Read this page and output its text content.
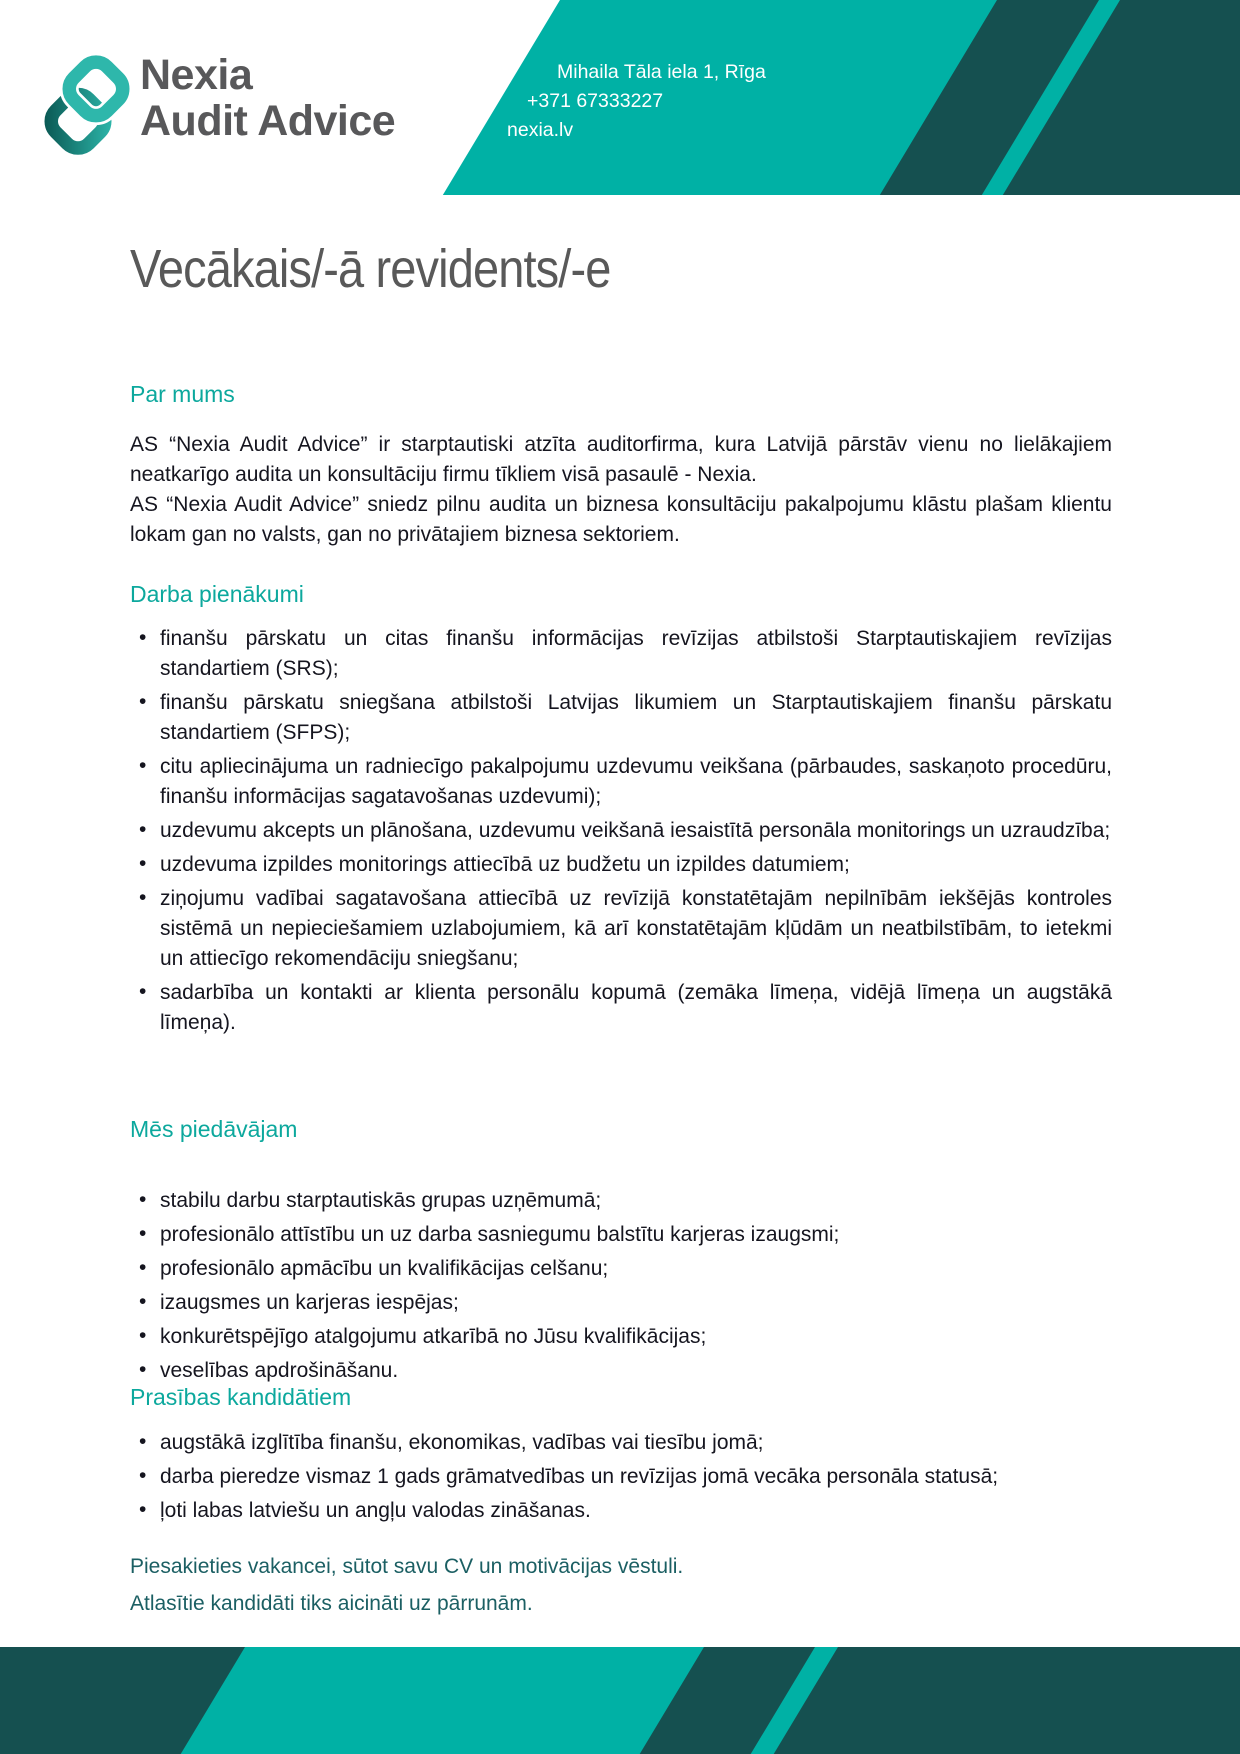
Mihaila Tāla iela 1, Rīga
+371 67333227
nexia.lv
Nexia
Audit Advice
Vecākais/-ā revidents/-e
Par mums

AS “Nexia Audit Advice” ir starptautiski atzīta auditorfirma, kura Latvijā pārstāv vienu no lielākajiem neatkarīgo audita un konsultāciju firmu tīkliem visā pasaulē - Nexia.

AS “Nexia Audit Advice” sniedz pilnu audita un biznesa konsultāciju pakalpojumu klāstu plašam klientu lokam gan no valsts, gan no privātajiem biznesa sektoriem.

Darba pienākumi
• finanšu pārskatu un citas finanšu informācijas revīzijas atbilstoši Starptautiskajiem revīzijas standartiem (SRS);
• finanšu pārskatu sniegšana atbilstoši Latvijas likumiem un Starptautiskajiem finanšu pārskatu standartiem (SFPS);
• citu apliecinājuma un radniecīgo pakalpojumu uzdevumu veikšana (pārbaudes, saskaņoto procedūru, finanšu informācijas sagatavošanas uzdevumi);
• uzdevumu akcepts un plānošana, uzdevumu veikšanā iesaistītā personāla monitorings un uzraudzība;
• uzdevuma izpildes monitorings attiecībā uz budžetu un izpildes datumiem;
• ziņojumu vadībai sagatavošana attiecībā uz revīzijā konstatētajām nepilnībām iekšējās kontroles sistēmā un nepieciešamiem uzlabojumiem, kā arī konstatētajām kļūdām un neatbilstībām, to ietekmi un attiecīgo rekomendāciju sniegšanu;
• sadarbība un kontakti ar klienta personālu kopumā (zemāka līmeņa, vidējā līmeņa un augstākā līmeņa).
Mēs piedāvājam
• stabilu darbu starptautiskās grupas uzņēmumā;
• profesionālo attīstību un uz darba sasniegumu balstītu karjeras izaugsmi;
• profesionālo apmācību un kvalifikācijas celšanu;
• izaugsmes un karjeras iespējas;
• konkurētspējīgo atalgojumu atkarībā no Jūsu kvalifikācijas;
• veselības apdrošināšanu.
Prasības kandidātiem
• augstākā izglītība finanšu, ekonomikas, vadības vai tiesību jomā;
• darba pieredze vismaz 1 gads grāmatvedības un revīzijas jomā vecāka personāla statusā;
• ļoti labas latviešu un angļu valodas zināšanas.
Piesakieties vakancei, sūtot savu CV un motivācijas vēstuli.
Atlasītie kandidāti tiks aicināti uz pārrunām.
